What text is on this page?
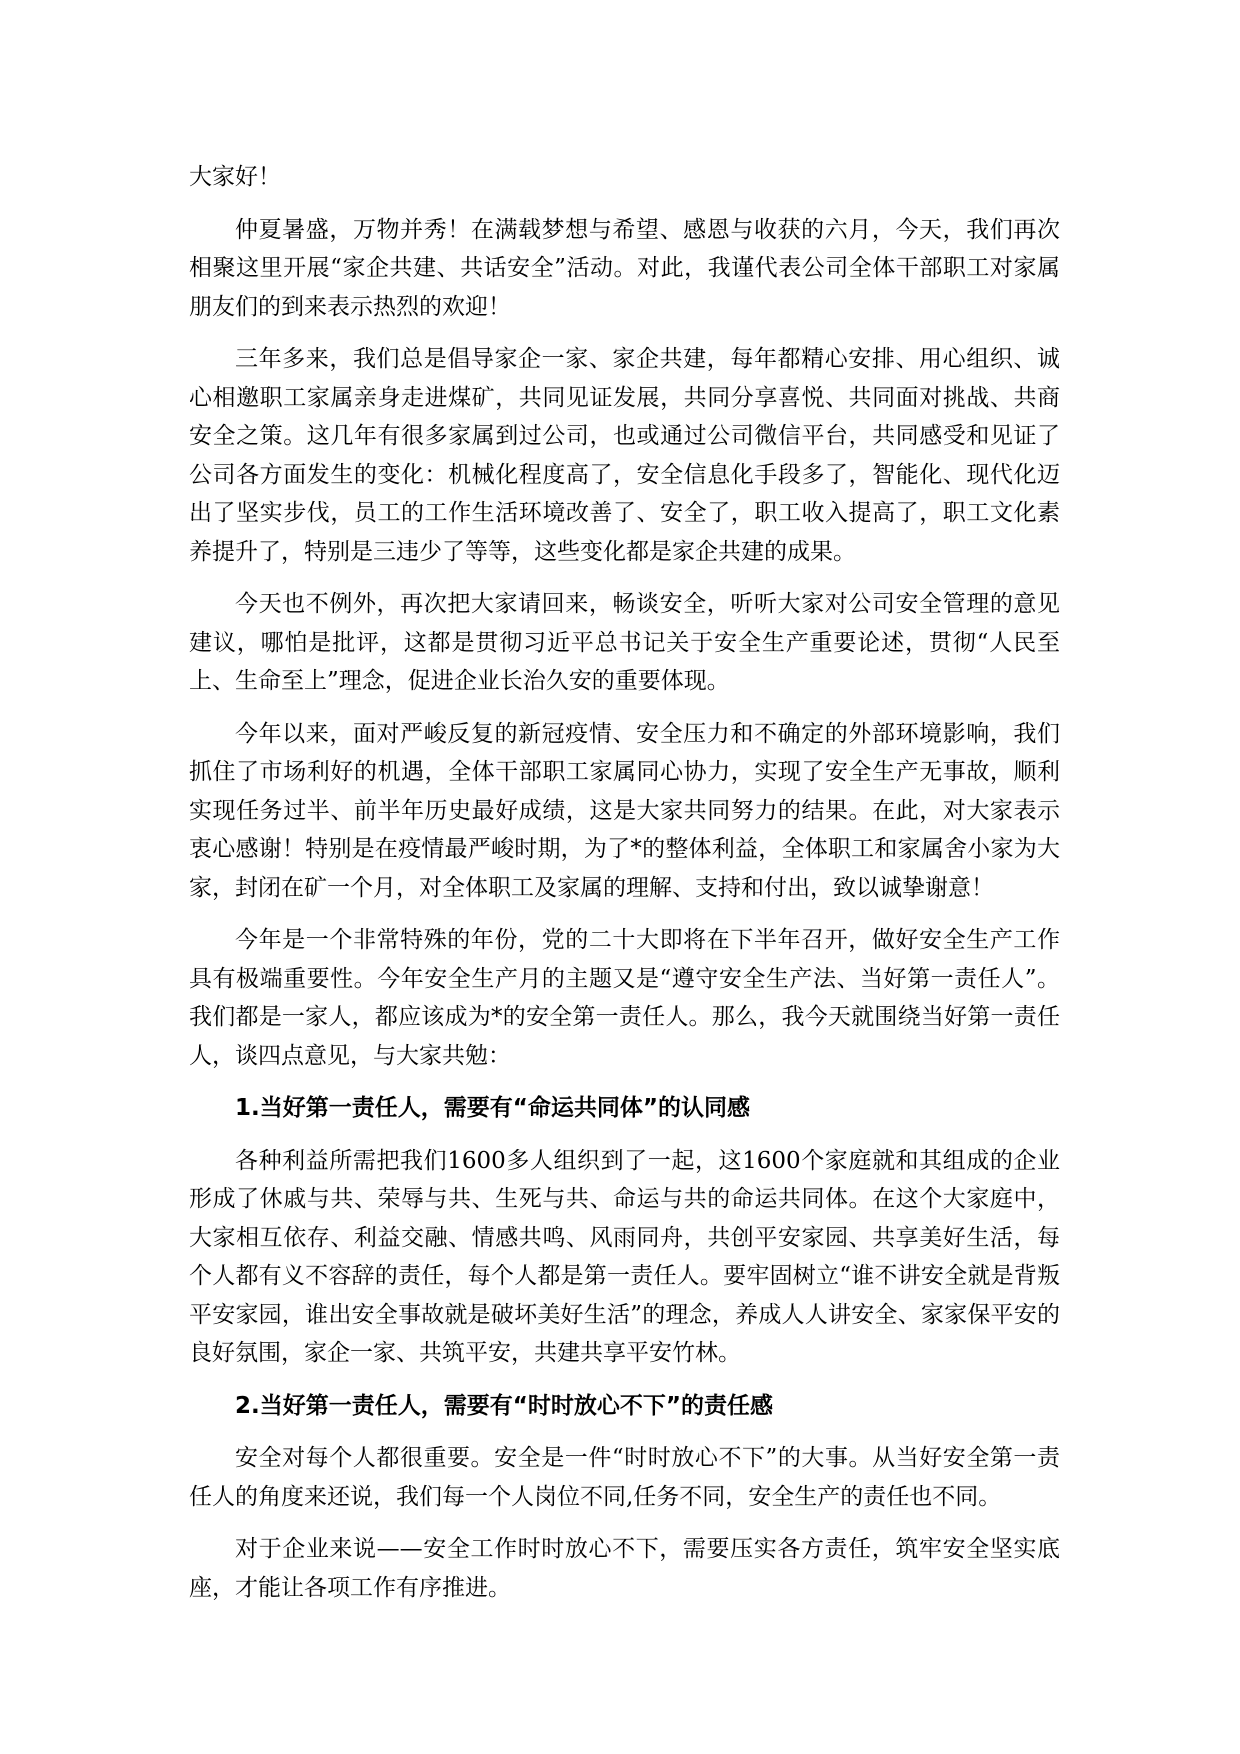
大家好！

仲夏暑盛，万物并秀！在满载梦想与希望、感恩与收获的六月，今天，我们再次相聚这里开展“家企共建、共话安全”活动。对此，我谨代表公司全体干部职工对家属朋友们的到来表示热烈的欢迎！

三年多来，我们总是倡导家企一家、家企共建，每年都精心安排、用心组织、诚心相邀职工家属亲身走进煤矿，共同见证发展，共同分享喜悦、共同面对挑战、共商安全之策。这几年有很多家属到过公司，也或通过公司微信平台，共同感受和见证了公司各方面发生的变化：机械化程度高了，安全信息化手段多了，智能化、现代化迈出了坚实步伐，员工的工作生活环境改善了、安全了，职工收入提高了，职工文化素养提升了，特别是三违少了等等，这些变化都是家企共建的成果。

今天也不例外，再次把大家请回来，畅谈安全，听听大家对公司安全管理的意见建议，哪怕是批评，这都是贯彻习近平总书记关于安全生产重要论述，贯彻“人民至上、生命至上”理念，促进企业长治久安的重要体现。

今年以来，面对严峻反复的新冠疫情、安全压力和不确定的外部环境影响，我们抓住了市场利好的机遇，全体干部职工家属同心协力，实现了安全生产无事故，顺利实现任务过半、前半年历史最好成绩，这是大家共同努力的结果。在此，对大家表示衷心感谢！特别是在疫情最严峻时期，为了*的整体利益，全体职工和家属舍小家为大家，封闭在矿一个月，对全体职工及家属的理解、支持和付出，致以诚挚谢意！

今年是一个非常特殊的年份，党的二十大即将在下半年召开，做好安全生产工作具有极端重要性。今年安全生产月的主题又是“遵守安全生产法、当好第一责任人”。我们都是一家人，都应该成为*的安全第一责任人。那么，我今天就围绕当好第一责任人，谈四点意见，与大家共勉：

1.当好第一责任人，需要有“命运共同体”的认同感

各种利益所需把我们1600多人组织到了一起，这1600个家庭就和其组成的企业形成了休戚与共、荣辱与共、生死与共、命运与共的命运共同体。在这个大家庭中，大家相互依存、利益交融、情感共鸣、风雨同舟，共创平安家园、共享美好生活，每个人都有义不容辞的责任，每个人都是第一责任人。要牢固树立“谁不讲安全就是背叛平安家园，谁出安全事故就是破坏美好生活”的理念，养成人人讲安全、家家保平安的良好氛围，家企一家、共筑平安，共建共享平安竹林。

2.当好第一责任人，需要有“时时放心不下”的责任感

安全对每个人都很重要。安全是一件“时时放心不下”的大事。从当好安全第一责任人的角度来还说，我们每一个人岗位不同,任务不同，安全生产的责任也不同。

对于企业来说——安全工作时时放心不下，需要压实各方责任，筑牢安全坚实底座，才能让各项工作有序推进。
